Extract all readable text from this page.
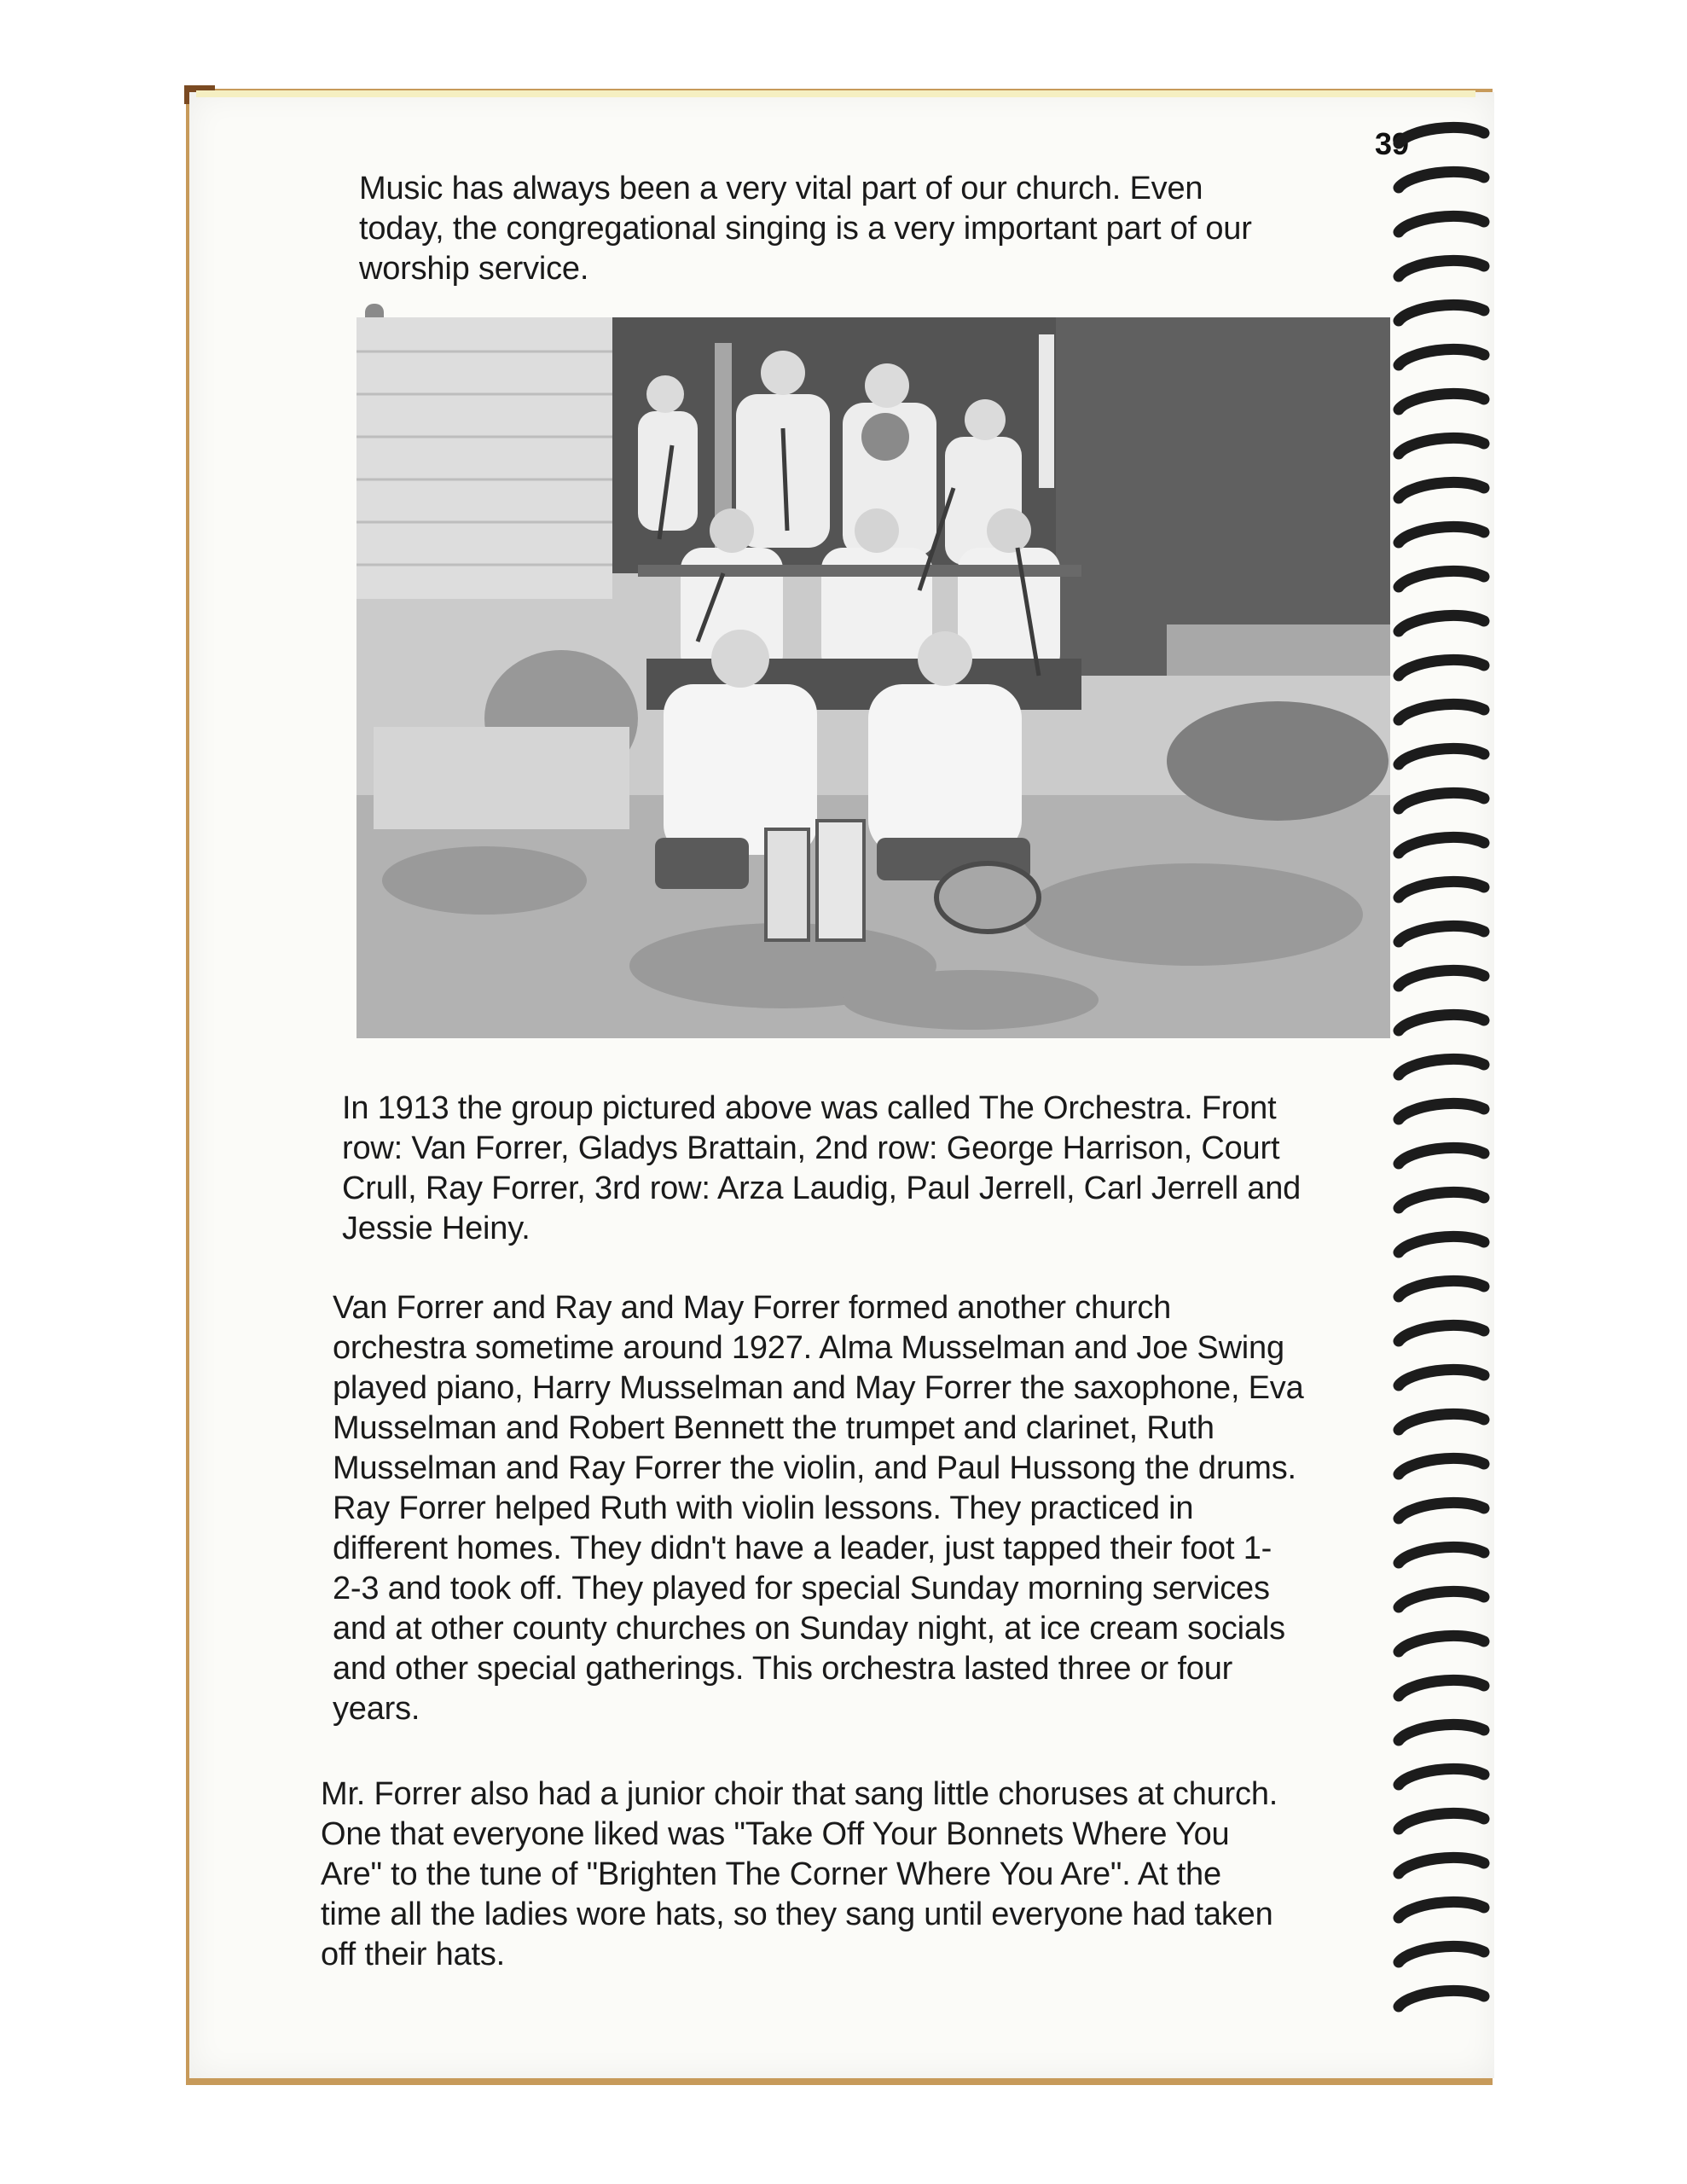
39

Music has always been a very vital part of our church. Even
today, the congregational singing is a very important part of our
worship service.

In 1913 the group pictured above was called The Orchestra. Front
row: Van Forrer, Gladys Brattain, 2nd row: George Harrison, Court
Crull, Ray Forrer, 3rd row: Arza Laudig, Paul Jerrell, Carl Jerrell and
Jessie Heiny.

Van Forrer and Ray and May Forrer formed another church
orchestra sometime around 1927. Alma Musselman and Joe Swing
played piano, Harry Musselman and May Forrer the saxophone, Eva
Musselman and Robert Bennett the trumpet and clarinet, Ruth
Musselman and Ray Forrer the violin, and Paul Hussong the drums.
Ray Forrer helped Ruth with violin lessons. They practiced in
different homes. They didn't have a leader, just tapped their foot 1-
2-3 and took off. They played for special Sunday morning services
and at other county churches on Sunday night, at ice cream socials
and other special gatherings. This orchestra lasted three or four
years.

Mr. Forrer also had a junior choir that sang little choruses at church.
One that everyone liked was "Take Off Your Bonnets Where You
Are" to the tune of "Brighten The Corner Where You Are". At the
time all the ladies wore hats, so they sang until everyone had taken
off their hats.
